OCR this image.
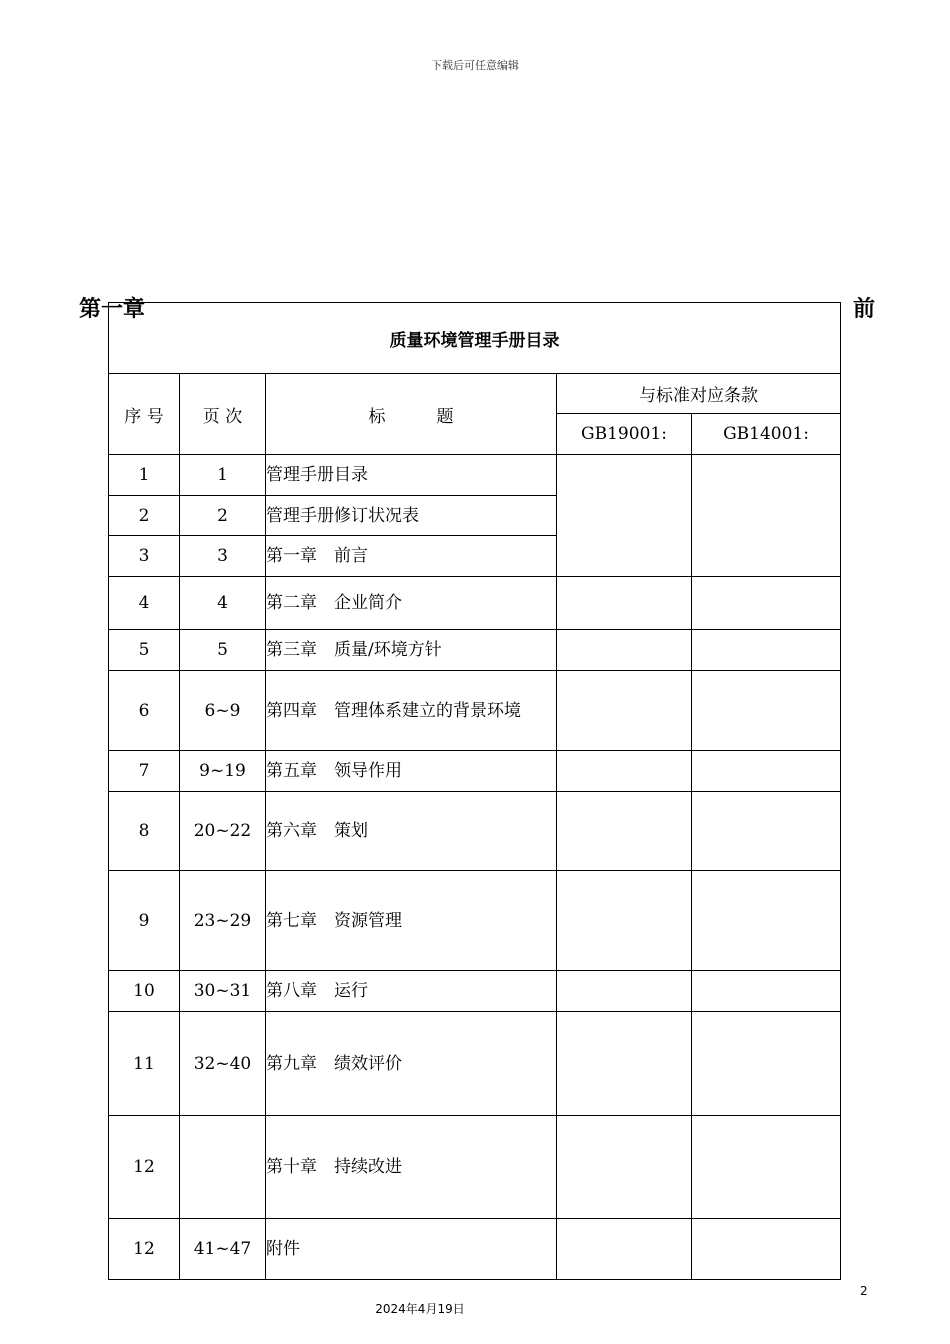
下载后可任意编辑
质量环境管理手册目录				
序 号	页 次	标　　　题	与标准对应条款	
			GB19001:	GB14001:
1	1	管理手册目录		
2	2	管理手册修订状况表		
3	3	第一章　前言		
4	4	第二章　企业简介		
5	5	第三章　质量/环境方针		
6	6~9	第四章　管理体系建立的背景环境		
7	9~19	第五章　领导作用		
8	20~22	第六章　策划		
9	23~29	第七章　资源管理		
10	30~31	第八章　运行		
11	32~40	第九章　绩效评价		
12		第十章　持续改进		
12	41~47	附件		
第一章	前
2
2024年4月19日
